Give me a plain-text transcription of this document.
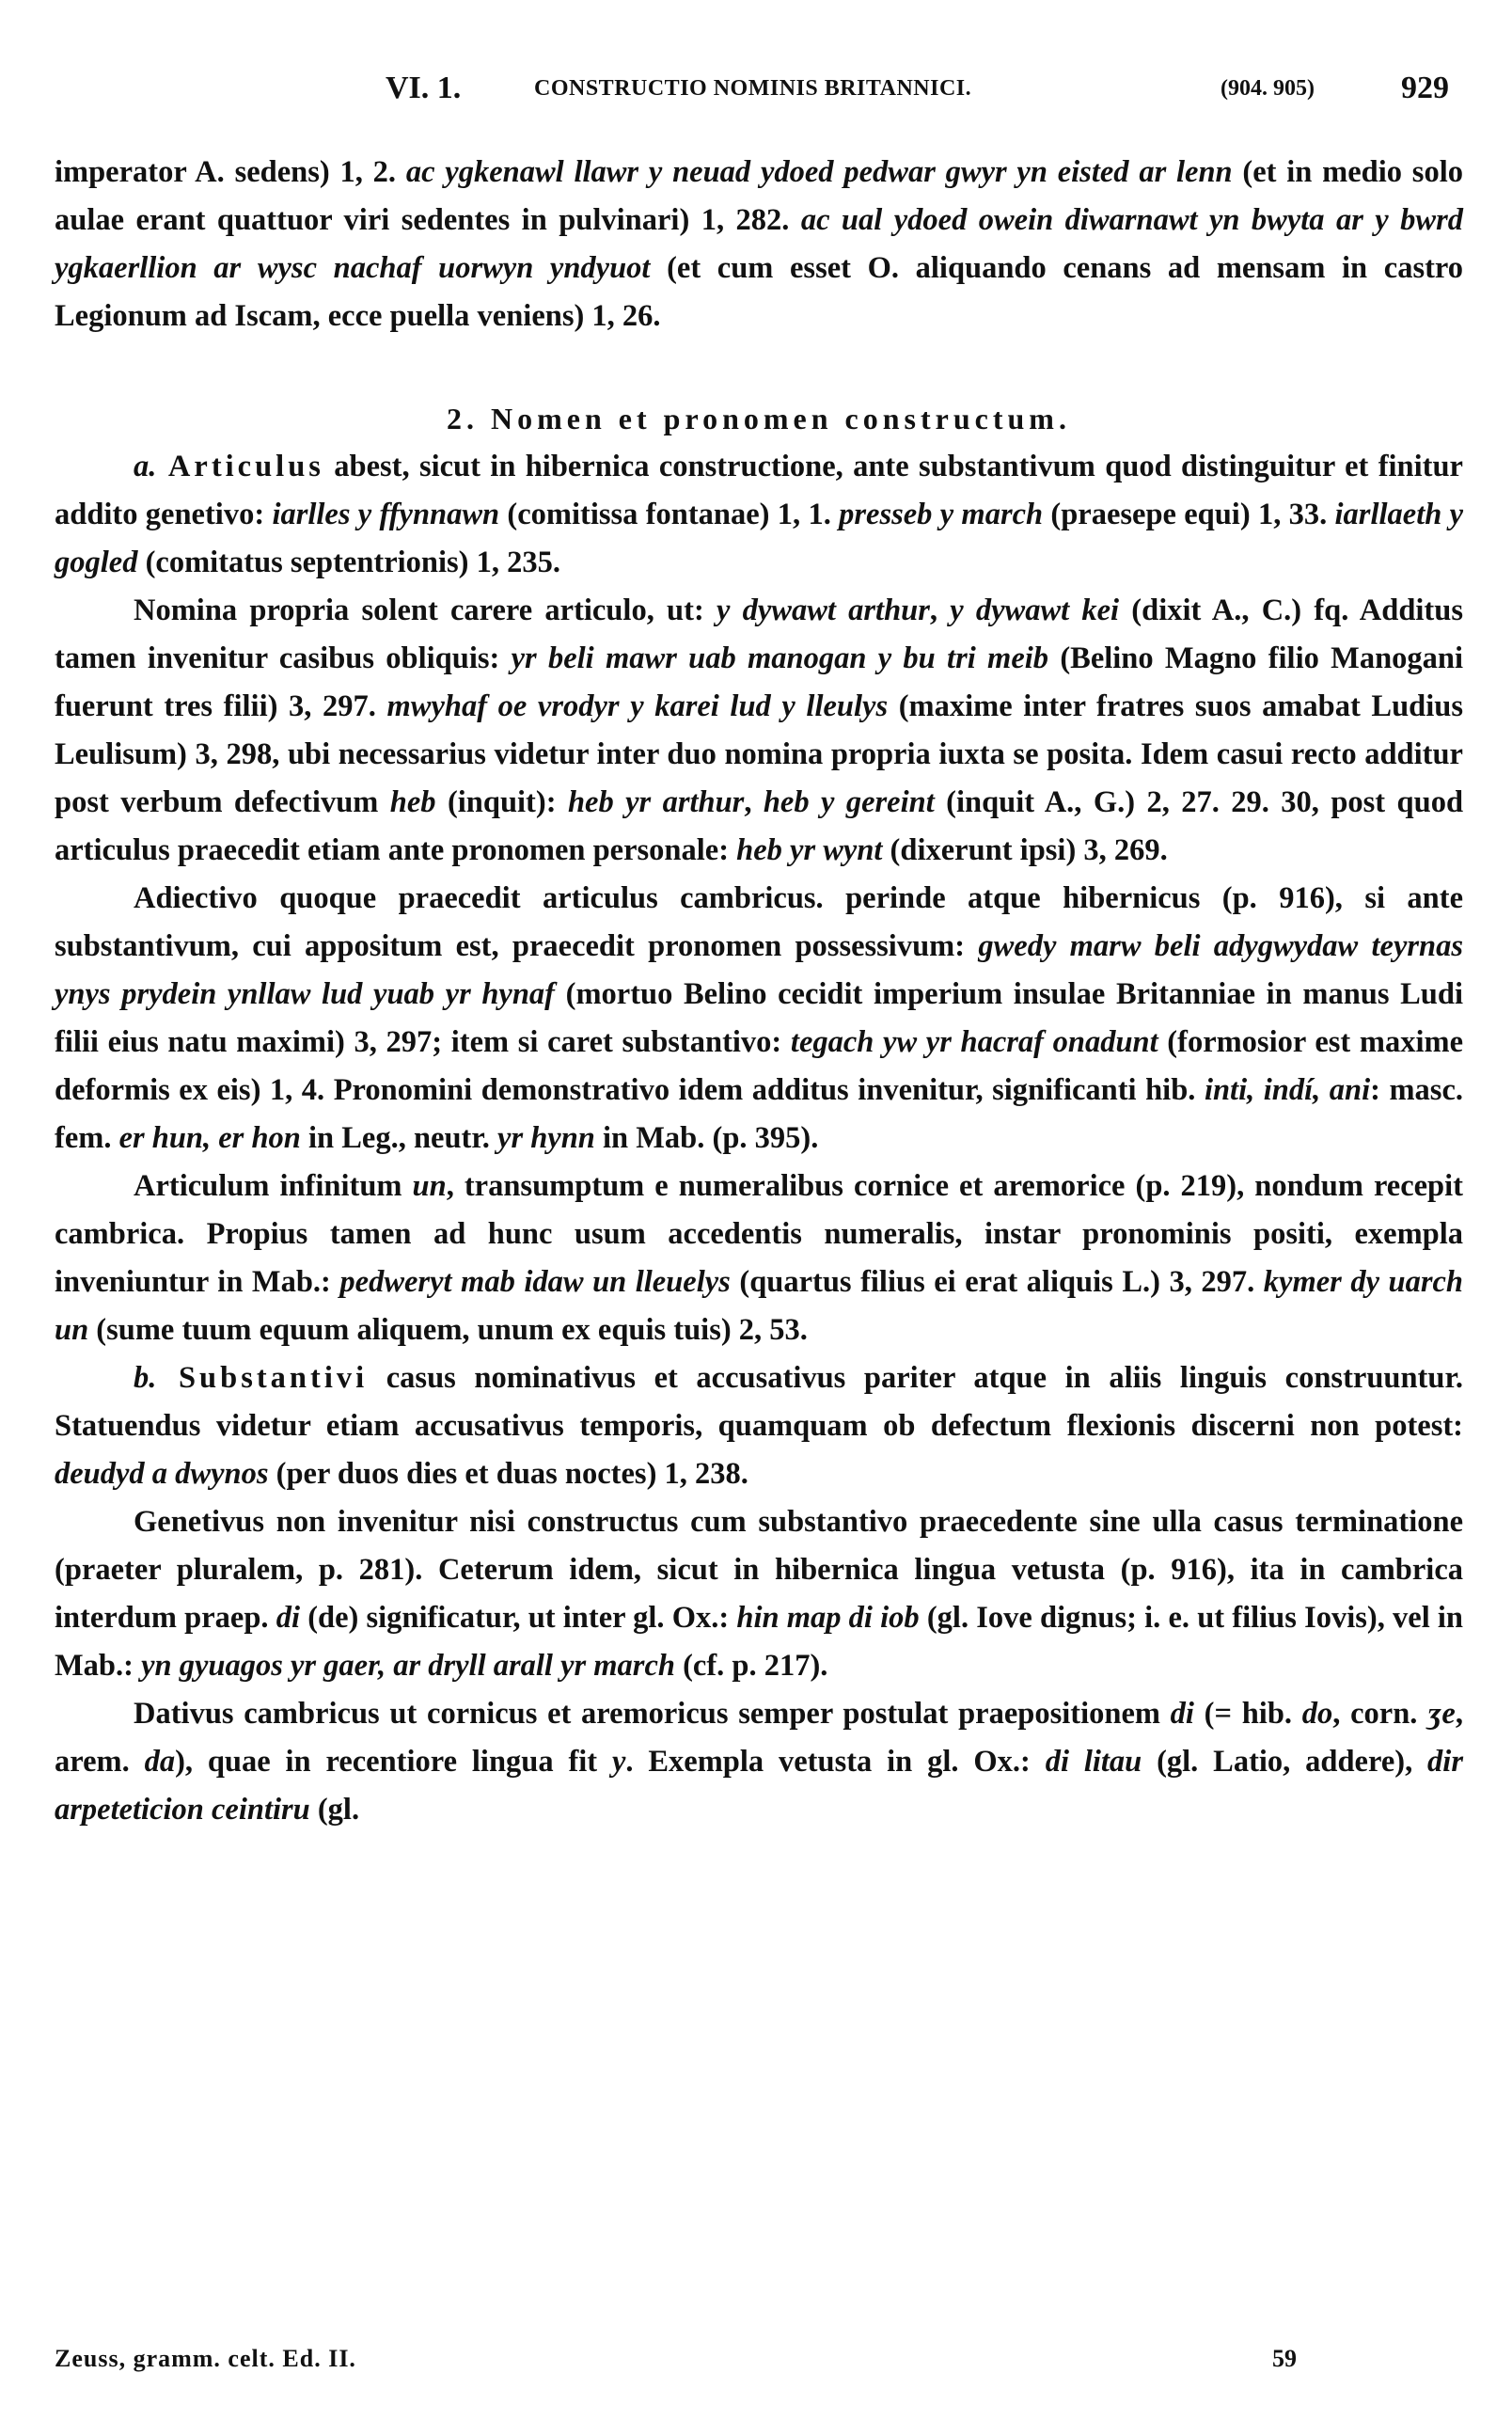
VI. 1.	CONSTRUCTIO NOMINIS BRITANNICI.	(904. 905)	929

imperator A. sedens) 1, 2. ac ygkenawl llawr y neuad ydoed pedwar gwyr yn eisted ar lenn (et in medio solo aulae erant quattuor viri sedentes in pulvinari) 1, 282. ac ual ydoed owein diwarnawt yn bwyta ar y bwrd ygkaerllion ar wysc nachaf uorwyn yndyuot (et cum esset O. aliquando cenans ad mensam in castro Legionum ad Iscam, ecce puella veniens) 1, 26.

2. Nomen et pronomen constructum.

a. Articulus abest, sicut in hibernica constructione, ante substantivum quod distinguitur et finitur addito genetivo: iarlles y ffynnawn (comitissa fontanae) 1, 1. presseb y march (praesepe equi) 1, 33. iarllaeth y gogled (comitatus septentrionis) 1, 235.

Nomina propria solent carere articulo, ut: y dywawt arthur, y dywawt kei (dixit A., C.) fq. Additus tamen invenitur casibus obliquis: yr beli mawr uab manogan y bu tri meib (Belino Magno filio Manogani fuerunt tres filii) 3, 297. mwyhaf oe vrodyr y karei lud y lleulys (maxime inter fratres suos amabat Ludius Leulisum) 3, 298, ubi necessarius videtur inter duo nomina propria iuxta se posita. Idem casui recto additur post verbum defectivum heb (inquit): heb yr arthur, heb y gereint (inquit A., G.) 2, 27. 29. 30, post quod articulus praecedit etiam ante pronomen personale: heb yr wynt (dixerunt ipsi) 3, 269.

Adiectivo quoque praecedit articulus cambricus. perinde atque hibernicus (p. 916), si ante substantivum, cui appositum est, praecedit pronomen possessivum: gwedy marw beli adygwydaw teyrnas ynys prydein ynllaw lud yuab yr hynaf (mortuo Belino cecidit imperium insulae Britanniae in manus Ludi filii eius natu maximi) 3, 297; item si caret substantivo: tegach yw yr hacraf onadunt (formosior est maxime deformis ex eis) 1, 4. Pronomini demonstrativo idem additus invenitur, significanti hib. inti, indí, ani: masc. fem. er hun, er hon in Leg., neutr. yr hynn in Mab. (p. 395).

Articulum infinitum un, transumptum e numeralibus cornice et aremorice (p. 219), nondum recepit cambrica. Propius tamen ad hunc usum accedentis numeralis, instar pronominis positi, exempla inveniuntur in Mab.: pedweryt mab idaw un lleuelys (quartus filius ei erat aliquis L.) 3, 297. kymer dy uarch un (sume tuum equum aliquem, unum ex equis tuis) 2, 53.

b. Substantivi casus nominativus et accusativus pariter atque in aliis linguis construuntur. Statuendus videtur etiam accusativus temporis, quamquam ob defectum flexionis discerni non potest: deudyd a dwynos (per duos dies et duas noctes) 1, 238.

Genetivus non invenitur nisi constructus cum substantivo praecedente sine ulla casus terminatione (praeter pluralem, p. 281). Ceterum idem, sicut in hibernica lingua vetusta (p. 916), ita in cambrica interdum praep. di (de) significatur, ut inter gl. Ox.: hin map di iob (gl. Iove dignus; i. e. ut filius Iovis), vel in Mab.: yn gyuagos yr gaer, ar dryll arall yr march (cf. p. 217).

Dativus cambricus ut cornicus et aremoricus semper postulat praepositionem di (= hib. do, corn. ʒe, arem. da), quae in recentiore lingua fit y. Exempla vetusta in gl. Ox.: di litau (gl. Latio, addere), dir arpeteticion ceintiru (gl.

Zeuss, gramm. celt. Ed. II.	59
